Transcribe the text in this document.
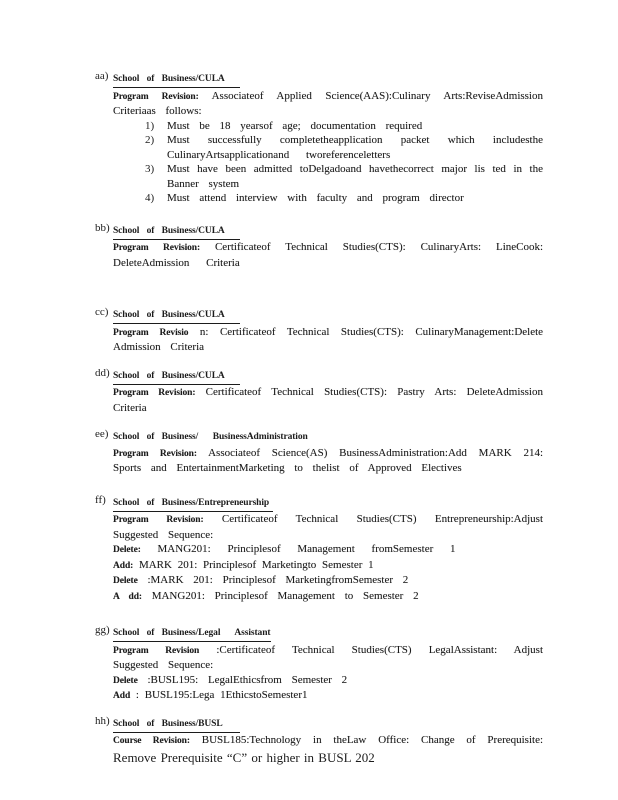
aa) School of Business/CULA
Program Revision: Associateof Applied Science(AAS):Culinary Arts:ReviseAdmission
Criteriaas follows:
1)	Must be 18 yearsof age; documentation required
2)	Must successfully completetheapplication packet which includesthe
CulinaryArtsapplicationand tworeferenceletters
3)	Must have been admitted toDelgadoand havethecorrect major lis ted in the
Banner system
4)	Must attend interview with faculty and program director
bb) School of Business/CULA
Program Revision: Certificateof Technical Studies(CTS): CulinaryArts: LineCook:
DeleteAdmission Criteria
cc) School of Business/CULA
Program Revisio n: Certificateof Technical Studies(CTS): CulinaryManagement:Delete
Admission Criteria
dd) School of Business/CULA
Program Revision: Certificateof Technical Studies(CTS): Pastry Arts: DeleteAdmission
Criteria
ee) School of Business/  BusinessAdministration
Program Revision: Associateof Science(AS) BusinessAdministration:Add MARK 214:
Sports and EntertainmentMarketing to thelist of Approved Electives
ff) School of Business/Entrepreneurship
Program Revision: Certificateof Technical Studies(CTS) Entrepreneurship:Adjust
Suggested Sequence:
Delete: MANG201: Principlesof Management fromSemester 1
Add: MARK 201: Principlesof Marketingto Semester 1
Delete :MARK 201: Principlesof MarketingfromSemester 2
A dd: MANG201: Principlesof Management to Semester 2
gg) School of Business/Legal  Assistant
Program Revision :Certificateof Technical Studies(CTS) LegalAssistant: Adjust
Suggested Sequence:
Delete :BUSL195: LegalEthicsfrom Semester 2
Add : BUSL195:Lega 1EthicstoSemester1
hh) School of Business/BUSL
Course Revision: BUSL185:Technology in theLaw Office: Change of Prerequisite:
Remove Prerequisite “C” or higher in BUSL 202
